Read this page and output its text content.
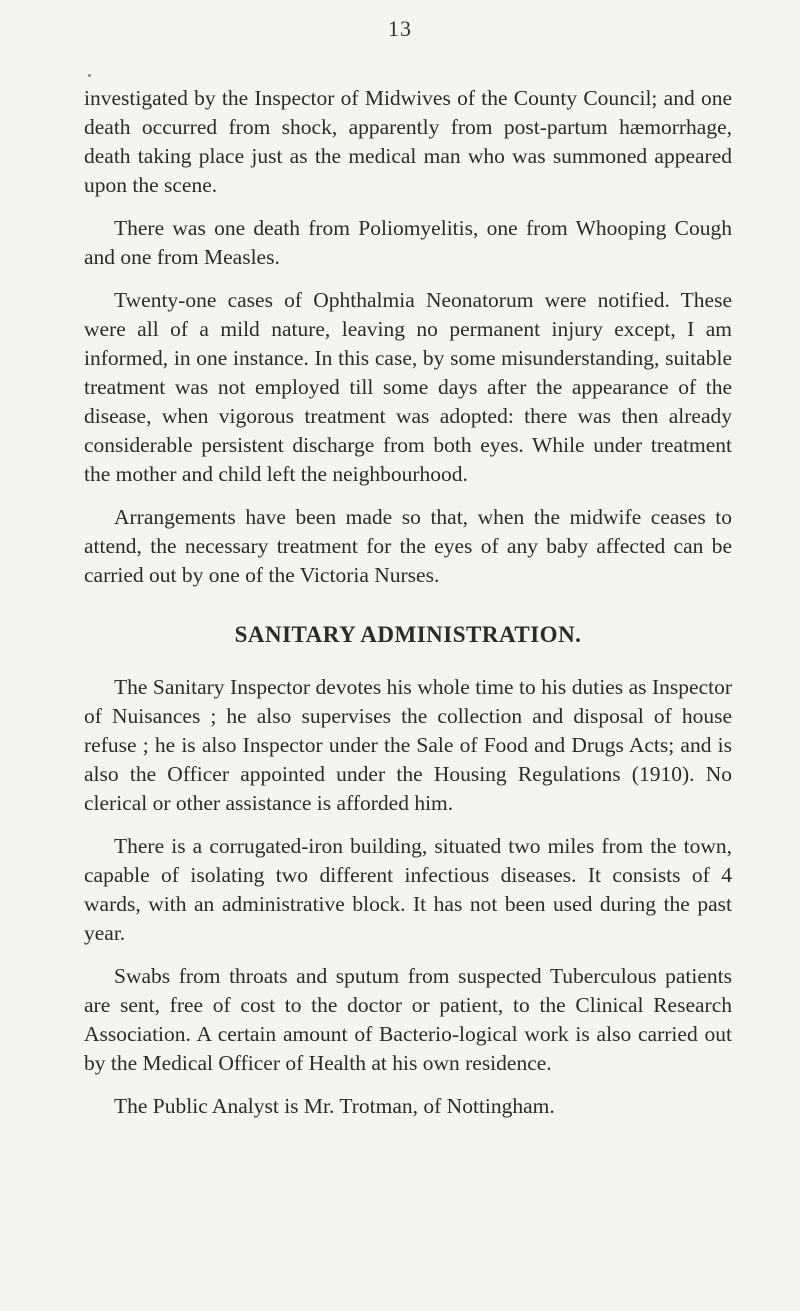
13

investigated by the Inspector of Midwives of the County Council; and one death occurred from shock, apparently from post-partum hæmorrhage, death taking place just as the medical man who was summoned appeared upon the scene.

There was one death from Poliomyelitis, one from Whooping Cough and one from Measles.

Twenty-one cases of Ophthalmia Neonatorum were notified. These were all of a mild nature, leaving no permanent injury except, I am informed, in one instance. In this case, by some misunderstanding, suitable treatment was not employed till some days after the appearance of the disease, when vigorous treatment was adopted: there was then already considerable persistent discharge from both eyes. While under treatment the mother and child left the neighbourhood.

Arrangements have been made so that, when the midwife ceases to attend, the necessary treatment for the eyes of any baby affected can be carried out by one of the Victoria Nurses.

SANITARY ADMINISTRATION.

The Sanitary Inspector devotes his whole time to his duties as Inspector of Nuisances ; he also supervises the collection and disposal of house refuse ; he is also Inspector under the Sale of Food and Drugs Acts; and is also the Officer appointed under the Housing Regulations (1910). No clerical or other assistance is afforded him.

There is a corrugated-iron building, situated two miles from the town, capable of isolating two different infectious diseases. It consists of 4 wards, with an administrative block. It has not been used during the past year.

Swabs from throats and sputum from suspected Tuberculous patients are sent, free of cost to the doctor or patient, to the Clinical Research Association. A certain amount of Bacterio-logical work is also carried out by the Medical Officer of Health at his own residence.

The Public Analyst is Mr. Trotman, of Nottingham.
